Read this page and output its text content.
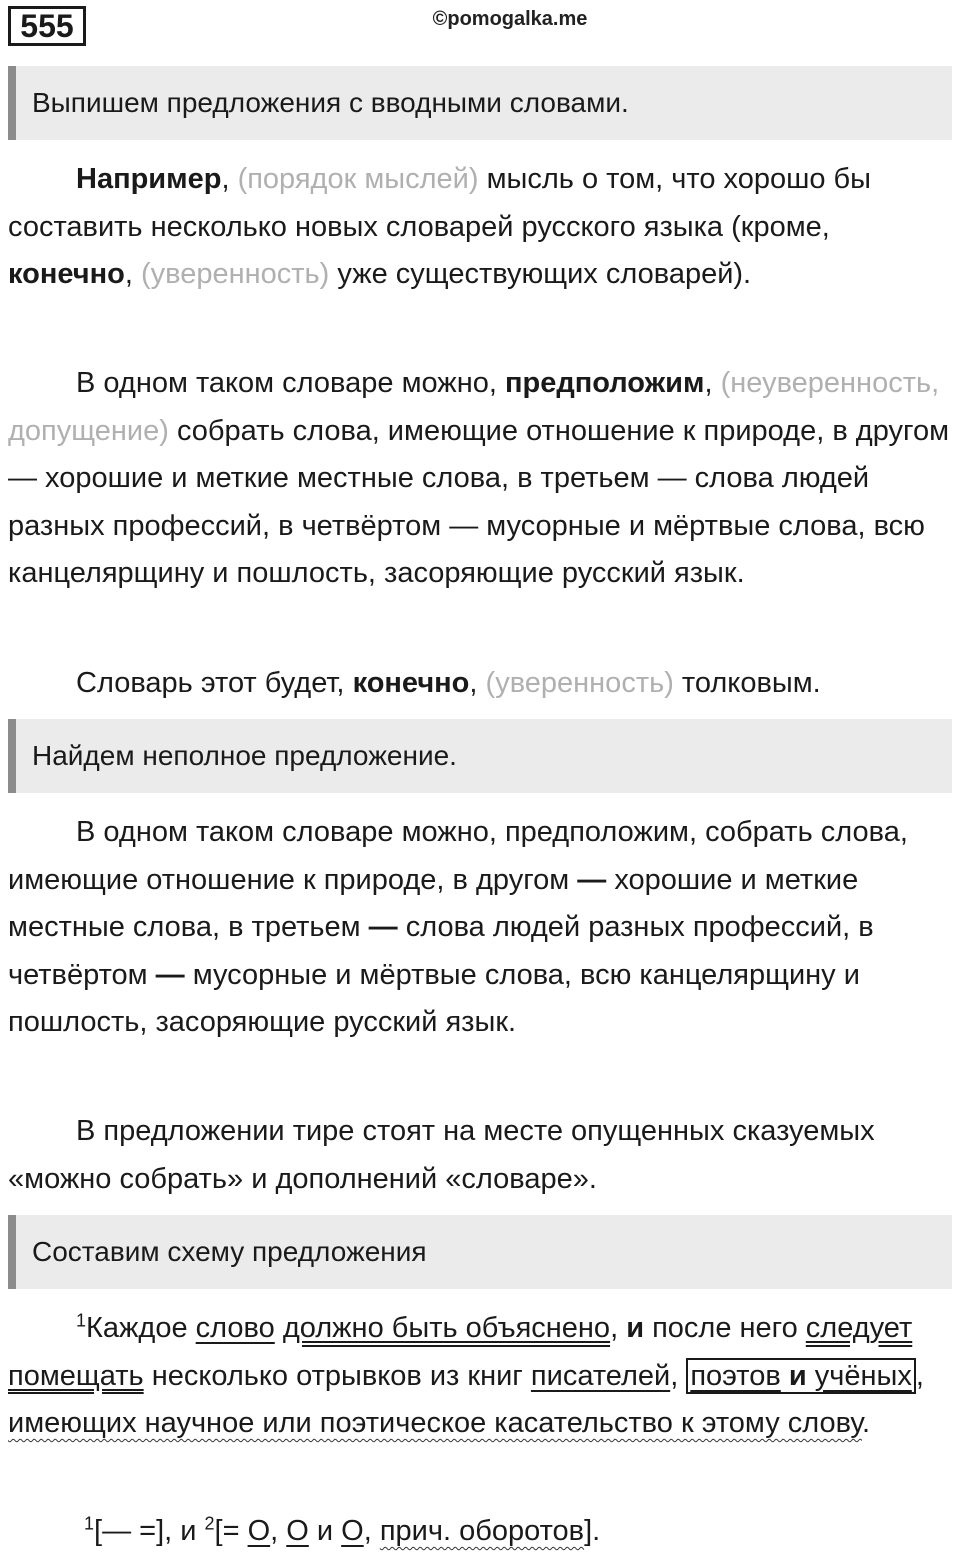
555	©pomogalka.me
Выпишем предложения с вводными словами.

Например, (порядок мыслей) мысль о том, что хорошо бы составить несколько новых словарей русского языка (кроме, конечно, (уверенность) уже существующих словарей).

В одном таком словаре можно, предположим, (неуверенность, допущение) собрать слова, имеющие отношение к природе, в другом — хорошие и меткие местные слова, в третьем — слова людей разных профессий, в четвёртом — мусорные и мёртвые слова, всю канцелярщину и пошлость, засоряющие русский язык.

Словарь этот будет, конечно, (уверенность) толковым.

Найдем неполное предложение.

В одном таком словаре можно, предположим, собрать слова, имеющие отношение к природе, в другом — хорошие и меткие местные слова, в третьем — слова людей разных профессий, в четвёртом — мусорные и мёртвые слова, всю канцелярщину и пошлость, засоряющие русский язык.

В предложении тире стоят на месте опущенных сказуемых «можно собрать» и дополнений «словаре».

Составим схему предложения

$^1$Каждое слово должно быть объяснено, и после него следует помещать несколько отрывков из книг писателей, поэтов и учёных , имеющих научное или поэтическое касательство к этому слову.

$^1$[— =], и $^2$[= О, О и О, прич. оборотов].
